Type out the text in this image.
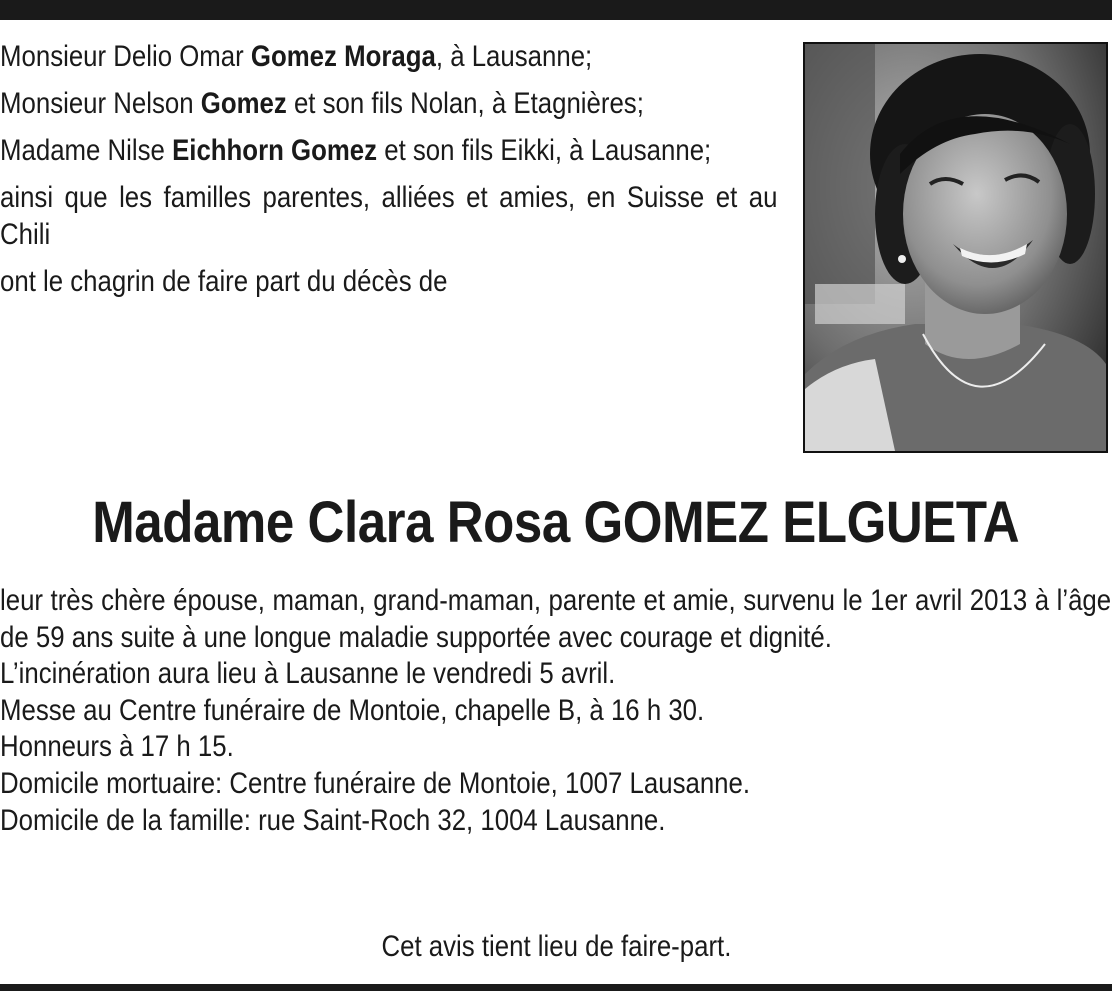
Monsieur Delio Omar Gomez Moraga, à Lausanne;

Monsieur Nelson Gomez et son fils Nolan, à Etagnières;

Madame Nilse Eichhorn Gomez et son fils Eikki, à Lausanne;

ainsi que les familles parentes, alliées et amies, en Suisse et au Chili

ont le chagrin de faire part du décès de

Madame Clara Rosa GOMEZ ELGUETA

leur très chère épouse, maman, grand-maman, parente et amie, survenu le 1er avril 2013 à l’âge de 59 ans suite à une longue maladie supportée avec courage et dignité.

L’incinération aura lieu à Lausanne le vendredi 5 avril.

Messe au Centre funéraire de Montoie, chapelle B, à 16 h 30.

Honneurs à 17 h 15.

Domicile mortuaire: Centre funéraire de Montoie, 1007 Lausanne.

Domicile de la famille: rue Saint-Roch 32, 1004 Lausanne.

Cet avis tient lieu de faire-part.
